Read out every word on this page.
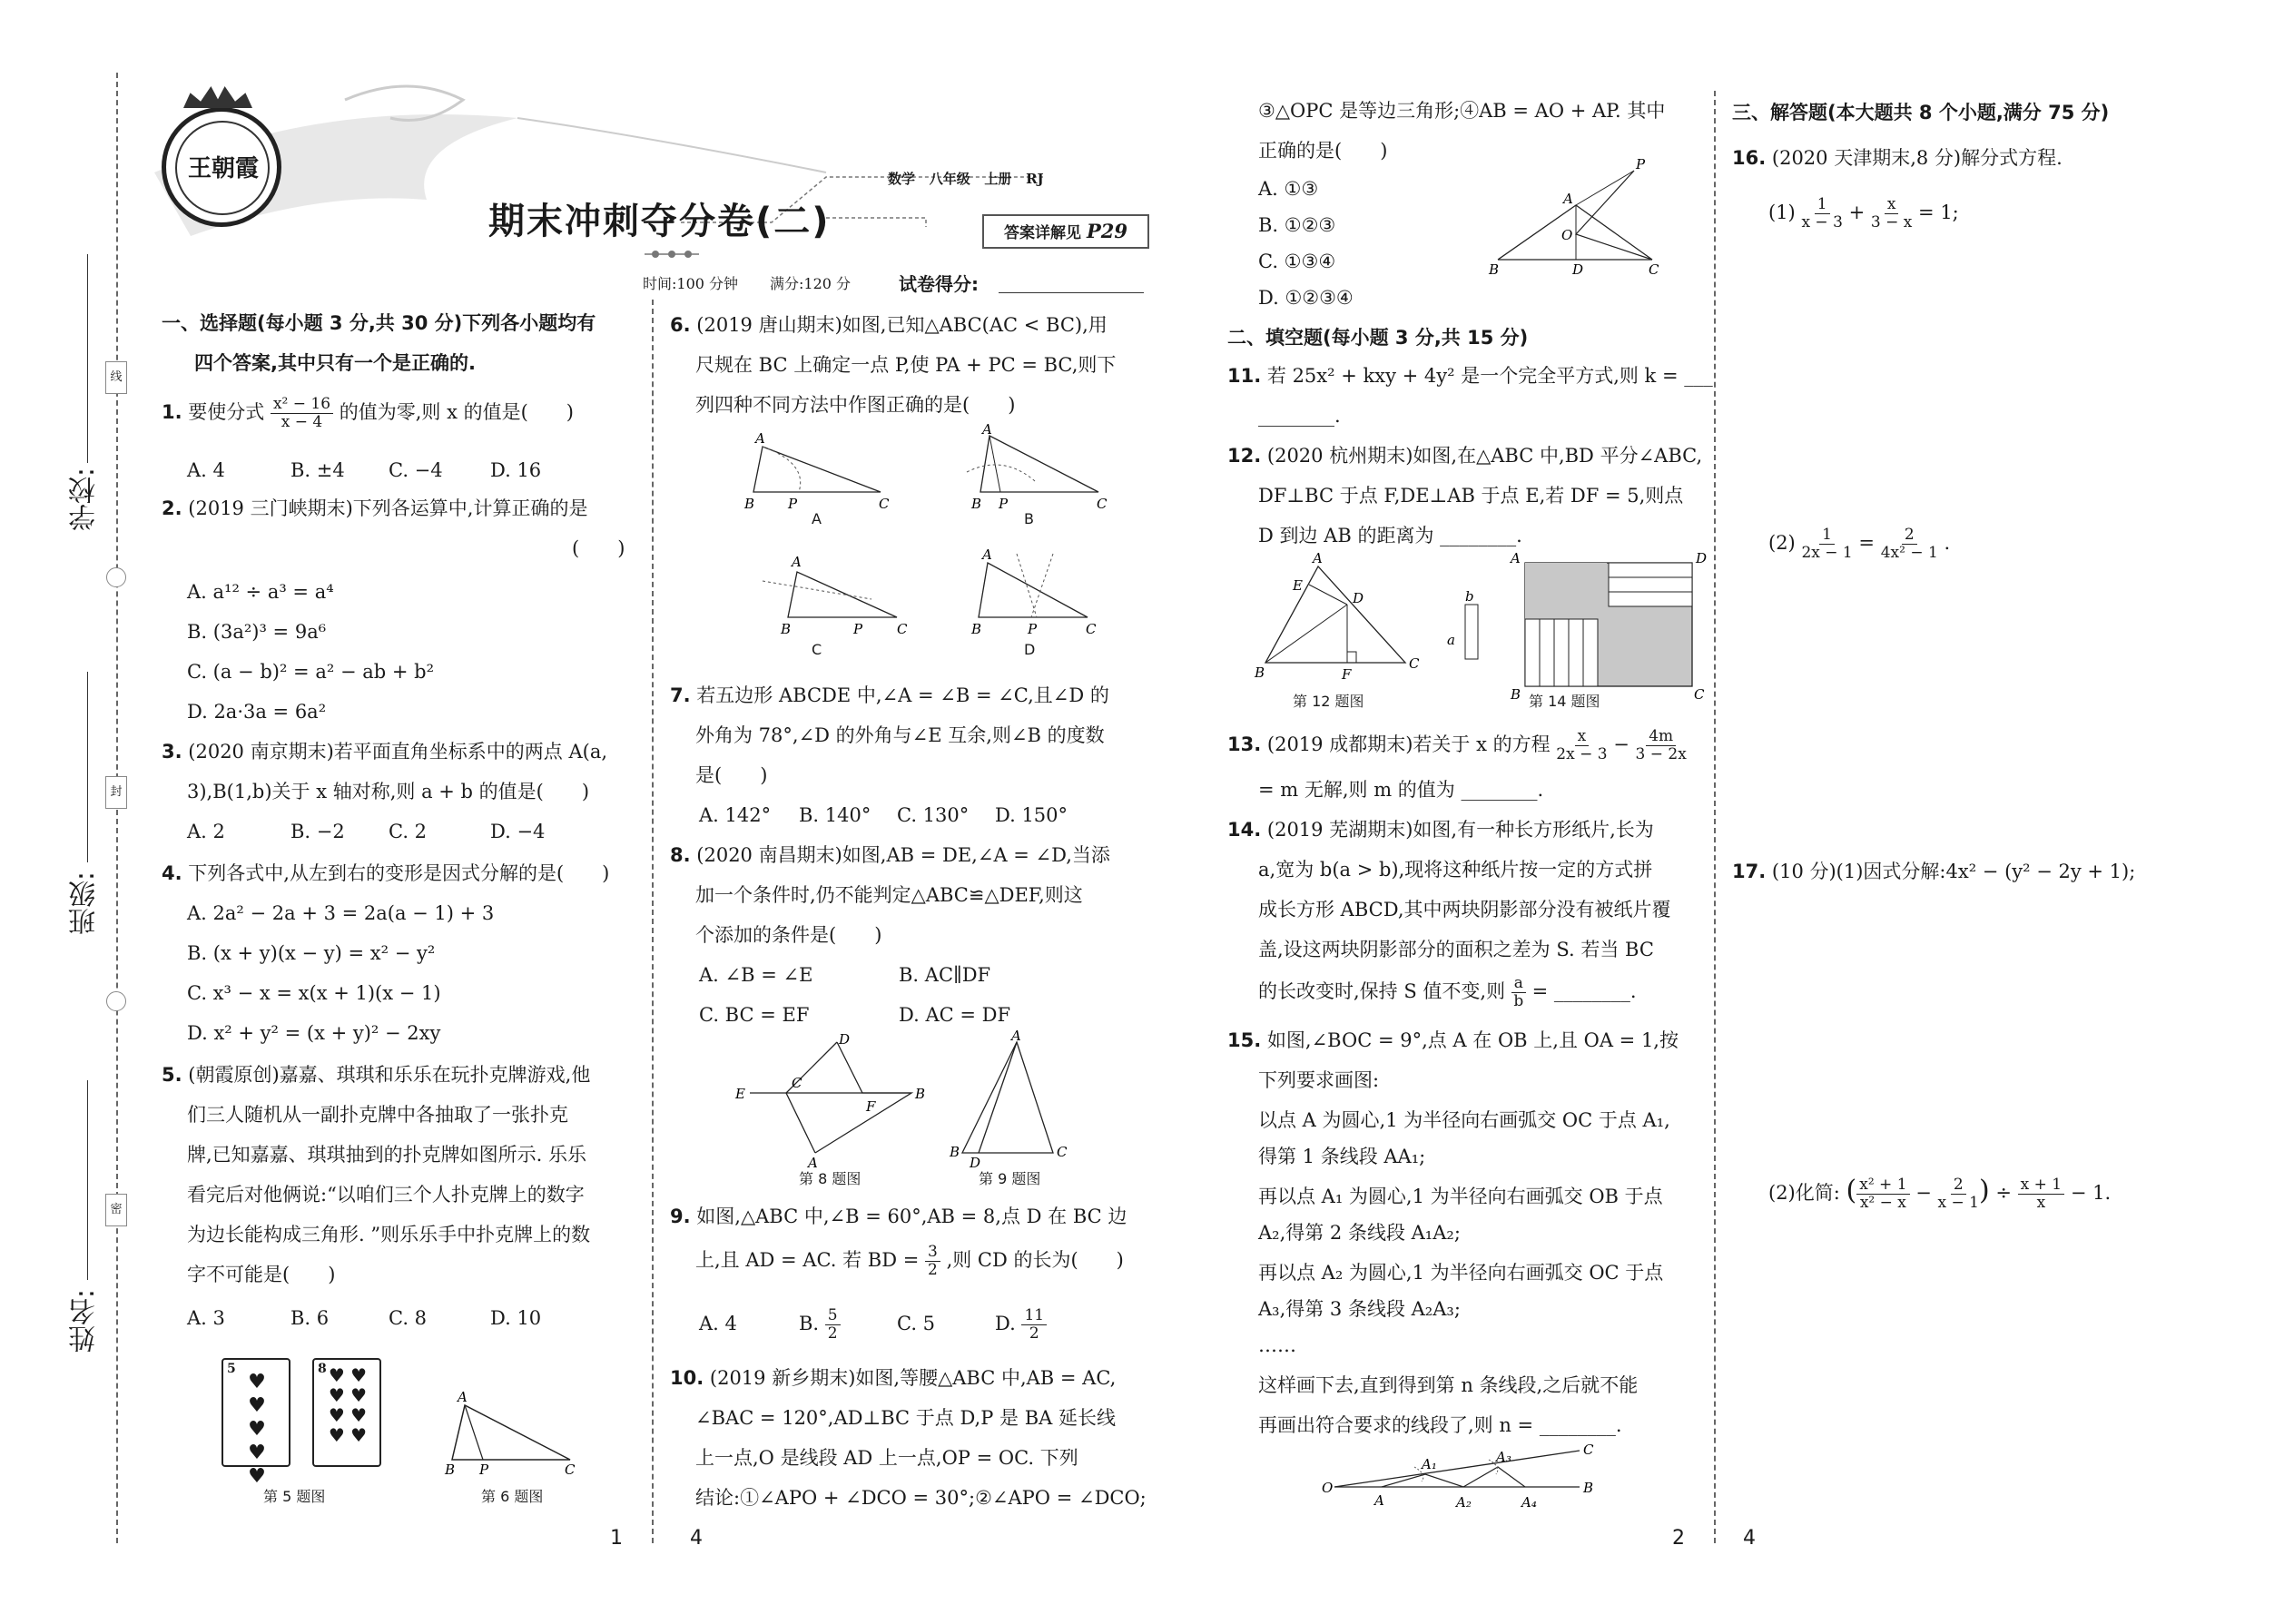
学校:
班级:
姓名:
线
封
密
王朝霞
期末冲刺夺分卷(二)
数学 八年级 上册 RJ
答案详解见 P29
时间:100 分钟 满分:120 分	试卷得分:
一、选择题(每小题 3 分,共 30 分)下列各小题均有
四个答案,其中只有一个是正确的.
1. 要使分式 $\frac{\text{x² − 16}}{x - 4}$ 的值为零,则 x 的值是(　　)
A. 4	B. ±4 C. −4 D. 16
2. (2019 三门峡期末)下列各运算中,计算正确的是
(　　)
A. a¹² ÷ a³ = a⁴
B. (3a²)³ = 9a⁶
C. (a − b)² = a² − ab + b²
D. 2a·3a = 6a²
3. (2020 南京期末)若平面直角坐标系中的两点 A(a,
3),B(1,b)关于 x 轴对称,则 a + b 的值是(　　)
A. 2	B. −2 C. 2	D. −4
4. 下列各式中,从左到右的变形是因式分解的是(　　)
A. 2a² − 2a + 3 = 2a(a − 1) + 3
B. (x + y)(x − y) = x² − y²
C. x³ − x = x(x + 1)(x − 1)
D. x² + y² = (x + y)² − 2xy
5. (朝霞原创)嘉嘉、琪琪和乐乐在玩扑克牌游戏,他
们三人随机从一副扑克牌中各抽取了一张扑克
牌,已知嘉嘉、琪琪抽到的扑克牌如图所示. 乐乐
看完后对他俩说:“以咱们三个人扑克牌上的数字
为边长能构成三角形. ”则乐乐手中扑克牌上的数
字不可能是(　　)
A. 3	B. 6	C. 8	D. 10
5
♥ ♥
♥
♥ ♥
8 ♥ ♥
♥ ♥
♥ ♥
♥ ♥
第 5 题图
A
B P	C
第 6 题图
6. (2019 唐山期末)如图,已知△ABC(AC < BC),用
尺规在 BC 上确定一点 P,使 PA + PC = BC,则下
列四种不同方法中作图正确的是(　　)
A
B P	C
A
B P	C
A
B	P	C
A
B	P	C
A	B
C	D
7. 若五边形 ABCDE 中,∠A = ∠B = ∠C,且∠D 的
外角为 78°,∠D 的外角与∠E 互余,则∠B 的度数
是(　　)
A. 142° B. 140° C. 130° D. 150°
8. (2020 南昌期末)如图,AB = DE,∠A = ∠D,当添
加一个条件时,仍不能判定△ABC≌△DEF,则这
个添加的条件是(　　)
A. ∠B = ∠E	B. AC∥DF
C. BC = EF	D. AC = DF
E
C
D
F
B
A
A
B
D
C
第 8 题图	第 9 题图
9. 如图,△ABC 中,∠B = 60°,AB = 8,点 D 在 BC 边
上,且 AD = AC. 若 BD = $\frac{3}{2}$ ,则 CD 的长为(　　)
A. 4	B. $\frac{5}{2}$	C. 5	D. $\frac{11}{2}$
10. (2019 新乡期末)如图,等腰△ABC 中,AB = AC,
∠BAC = 120°,AD⊥BC 于点 D,P 是 BA 延长线
上一点,O 是线段 AD 上一点,OP = OC. 下列
结论:①∠APO + ∠DCO = 30°;②∠APO = ∠DCO;
③△OPC 是等边三角形;④AB = AO + AP. 其中
正确的是(　　)
A. ①③
B. ①②③
C. ①③④
D. ①②③④
A
P
O
B	D	C
二、填空题(每小题 3 分,共 15 分)
11. 若 25x² + kxy + 4y² 是一个完全平方式,则 k = ___
________.
12. (2020 杭州期末)如图,在△ABC 中,BD 平分∠ABC,
DF⊥BC 于点 F,DE⊥AB 于点 E,若 DF = 5,则点
D 到边 AB 的距离为 ________.
A
E
D
B	F
C
第 12 题图
a
b
A	D
B	C
第 14 题图
13. (2019 成都期末)若关于 x 的方程 $\frac{x}{2x - 3} - \frac{4m}{3 - 2x}$
= m 无解,则 m 的值为 ________.
14. (2019 芜湖期末)如图,有一种长方形纸片,长为
a,宽为 b(a > b),现将这种纸片按一定的方式拼
成长方形 ABCD,其中两块阴影部分没有被纸片覆
盖,设这两块阴影部分的面积之差为 S. 若当 BC
的长改变时,保持 S 值不变,则 $\frac{a}{b}$ = ________.
15. 如图,∠BOC = 9°,点 A 在 OB 上,且 OA = 1,按
下列要求画图:
以点 A 为圆心,1 为半径向右画弧交 OC 于点 A₁,
得第 1 条线段 AA₁;
再以点 A₁ 为圆心,1 为半径向右画弧交 OB 于点
A₂,得第 2 条线段 A₁A₂;
再以点 A₂ 为圆心,1 为半径向右画弧交 OC 于点
A₃,得第 3 条线段 A₂A₃;
……
这样画下去,直到得到第 n 条线段,之后就不能
再画出符合要求的线段了,则 n = ________.
O
A
A₁
A₂
A₃
A₄
B
C
三、解答题(本大题共 8 个小题,满分 75 分)
16. (2020 天津期末,8 分)解分式方程.
$(1) \frac{1}{x - 3} + \frac{x}{3 - x} = 1$;
$(2) \frac{1}{2x - 1} = \frac{2}{\text{4x² − 1}}$ .
17. (10 分)(1)因式分解:4x² − (y² − 2y + 1);
(2)化简: ( $\frac{\text{x² + 1}}{\text{x² − x}} - \frac{2}{x - 1}$ ) ÷ $\frac{x + 1}{x} - 1$.
1	4	2	4
